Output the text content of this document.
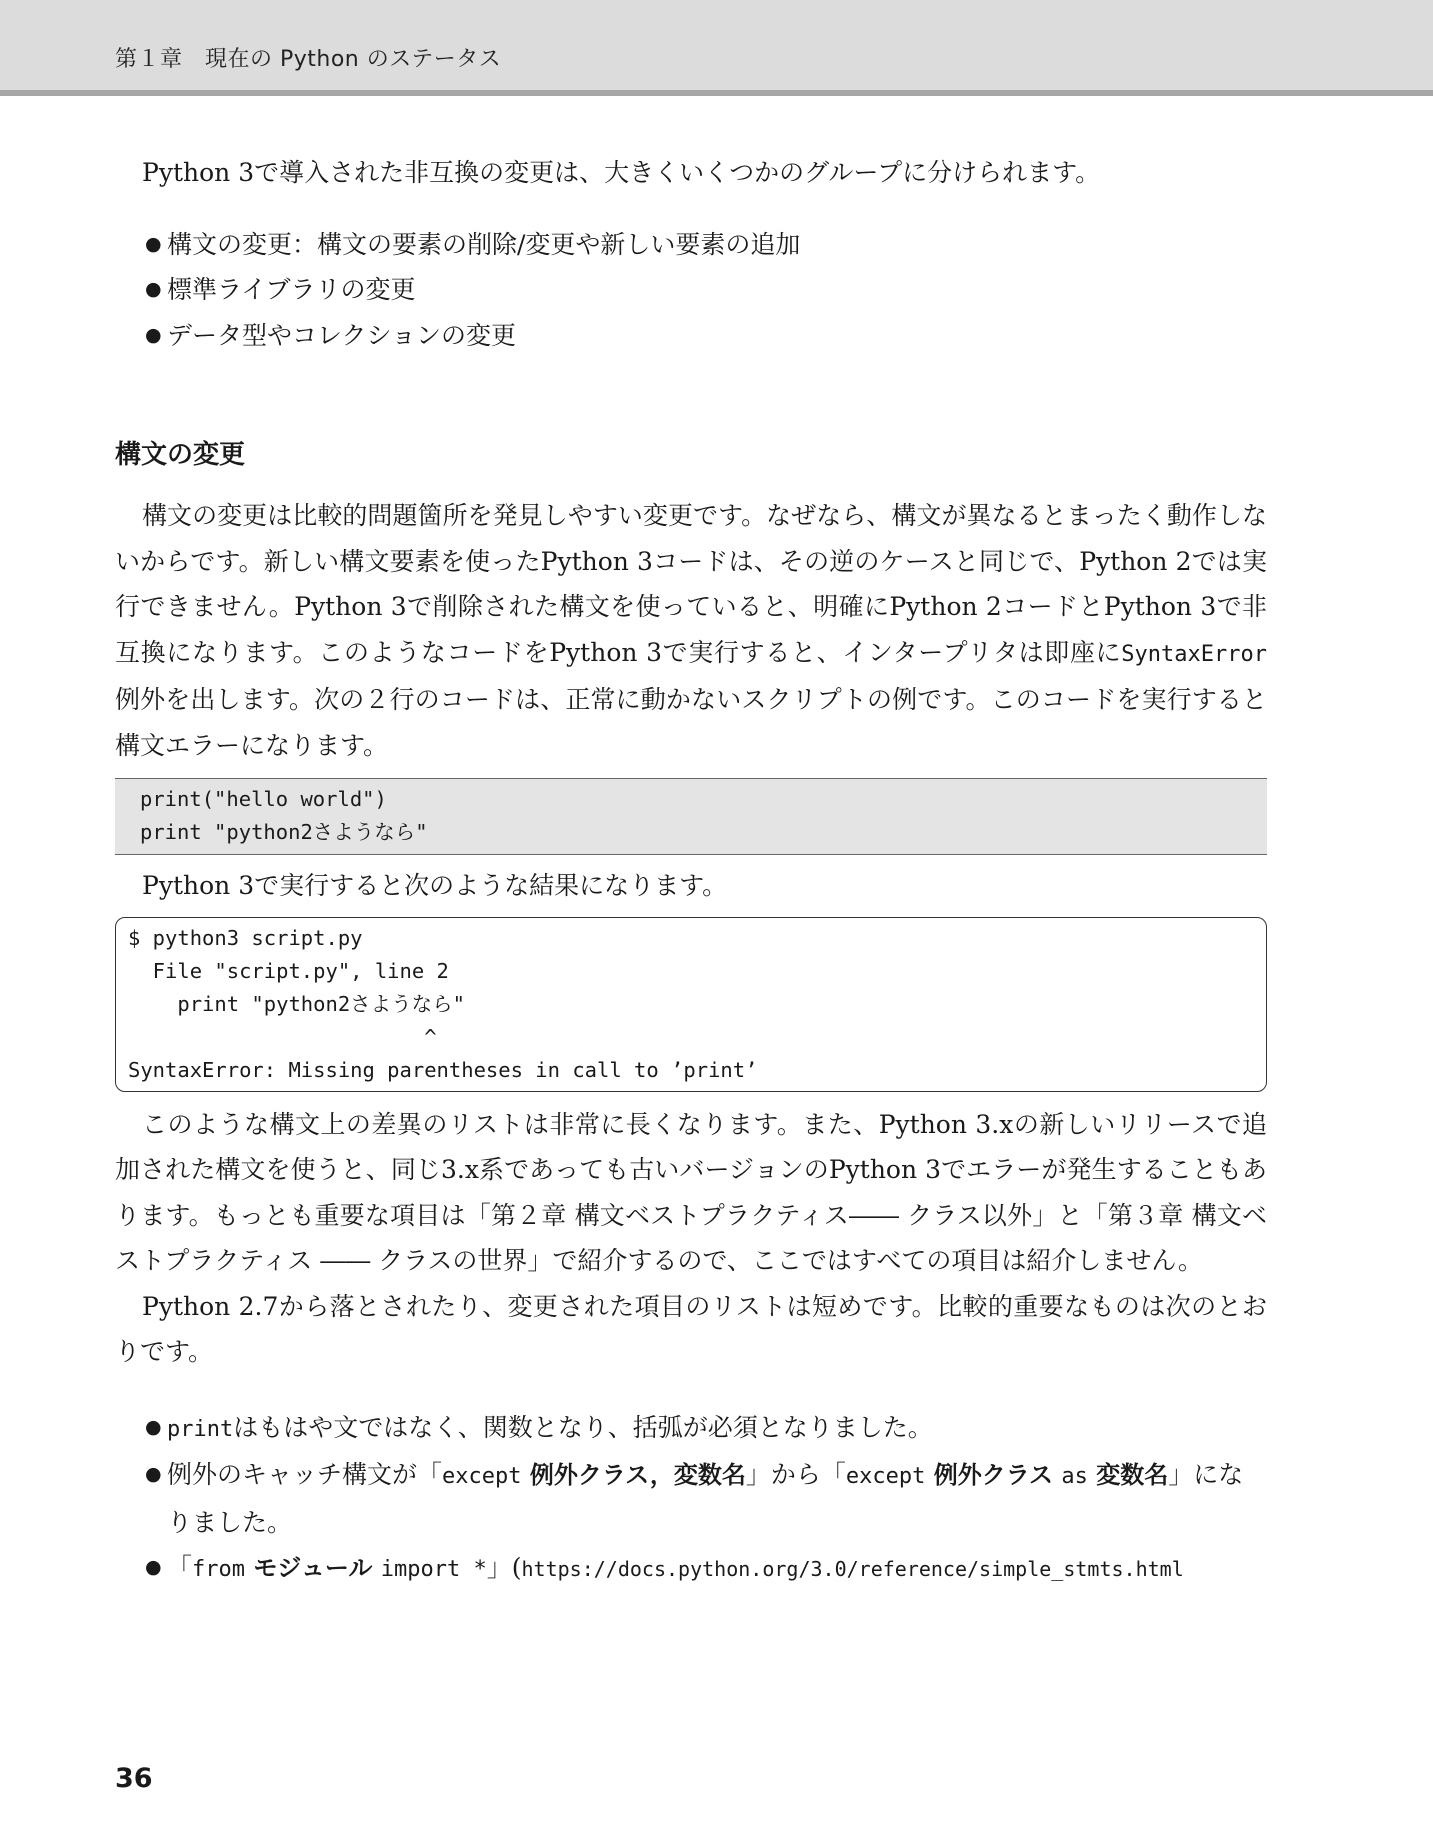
第１章　現在の Python のステータス

Python 3で導入された非互換の変更は、大きくいくつかのグループに分けられます。

● 構文の変更：構文の要素の削除/変更や新しい要素の追加
● 標準ライブラリの変更
● データ型やコレクションの変更
構文の変更

構文の変更は比較的問題箇所を発見しやすい変更です。なぜなら、構文が異なるとまったく動作しないからです。新しい構文要素を使ったPython 3コードは、その逆のケースと同じで、Python 2では実行できません。Python 3で削除された構文を使っていると、明確にPython 2コードとPython 3で非互換になります。このようなコードをPython 3で実行すると、インタープリタは即座にSyntaxError例外を出します。次の２行のコードは、正常に動かないスクリプトの例です。このコードを実行すると構文エラーになります。

print("hello world")
print "python2さようなら"

Python 3で実行すると次のような結果になります。

$ python3 script.py
File "script.py", line 2
print "python2さようなら"
^
SyntaxError: Missing parentheses in call to ’print’

このような構文上の差異のリストは非常に長くなります。また、Python 3.xの新しいリリースで追加された構文を使うと、同じ3.x系であっても古いバージョンのPython 3でエラーが発生することもあります。もっとも重要な項目は「第２章 構文ベストプラクティス―― クラス以外」と「第３章 構文ベストプラクティス ―― クラスの世界」で紹介するので、ここではすべての項目は紹介しません。

Python 2.7から落とされたり、変更された項目のリストは短めです。比較的重要なものは次のとおりです。

● printはもはや文ではなく、関数となり、括弧が必須となりました。
● 例外のキャッチ構文が「except 例外クラス，変数名」から「except 例外クラス as 変数名」になりました。
● 「from モジュール import *」(https://docs.python.org/3.0/reference/simple_stmts.html
36
